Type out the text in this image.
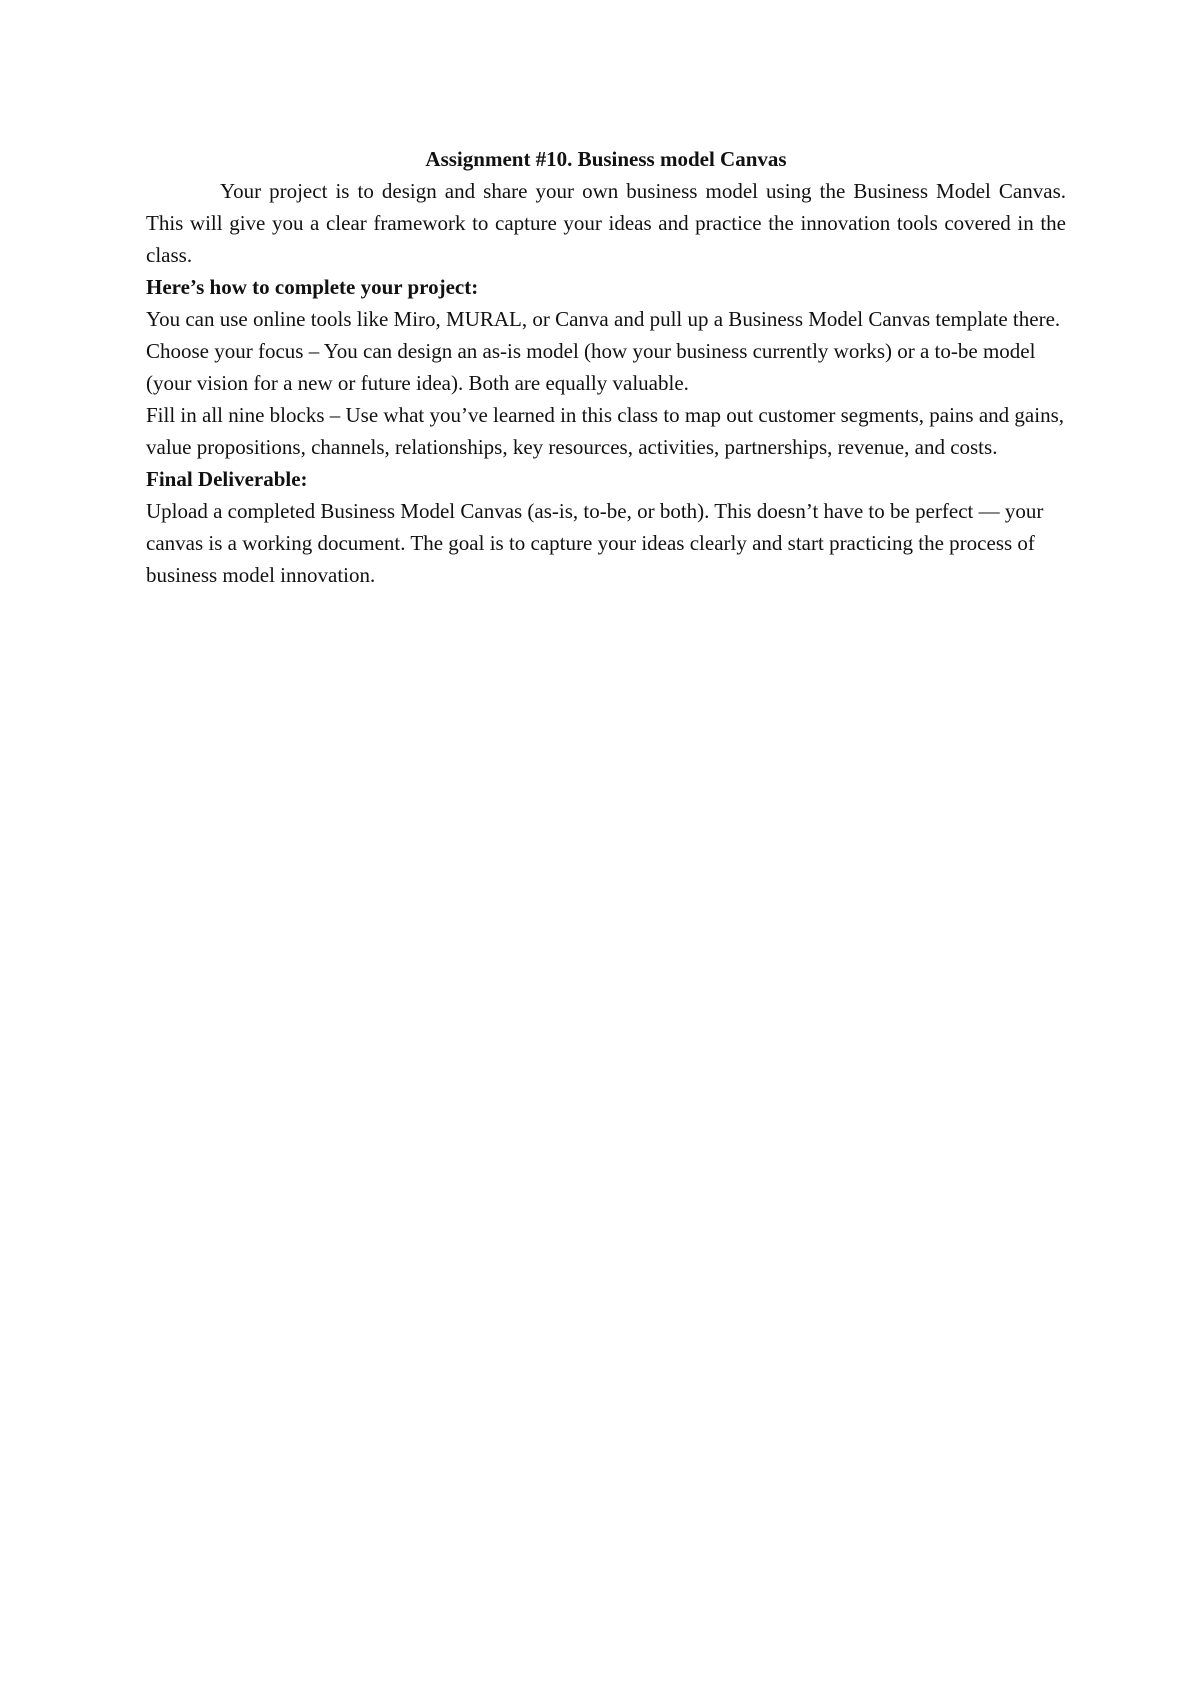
Assignment #10. Business model Canvas

Your project is to design and share your own business model using the Business Model Canvas. This will give you a clear framework to capture your ideas and practice the innovation tools covered in the class.

Here’s how to complete your project:

You can use online tools like Miro, MURAL, or Canva and pull up a Business Model Canvas template there.

Choose your focus – You can design an as-is model (how your business currently works) or a to-be model (your vision for a new or future idea). Both are equally valuable.

Fill in all nine blocks – Use what you’ve learned in this class to map out customer segments, pains and gains, value propositions, channels, relationships, key resources, activities, partnerships, revenue, and costs.

Final Deliverable:

Upload a completed Business Model Canvas (as-is, to-be, or both). This doesn’t have to be perfect — your canvas is a working document. The goal is to capture your ideas clearly and start practicing the process of business model innovation.
